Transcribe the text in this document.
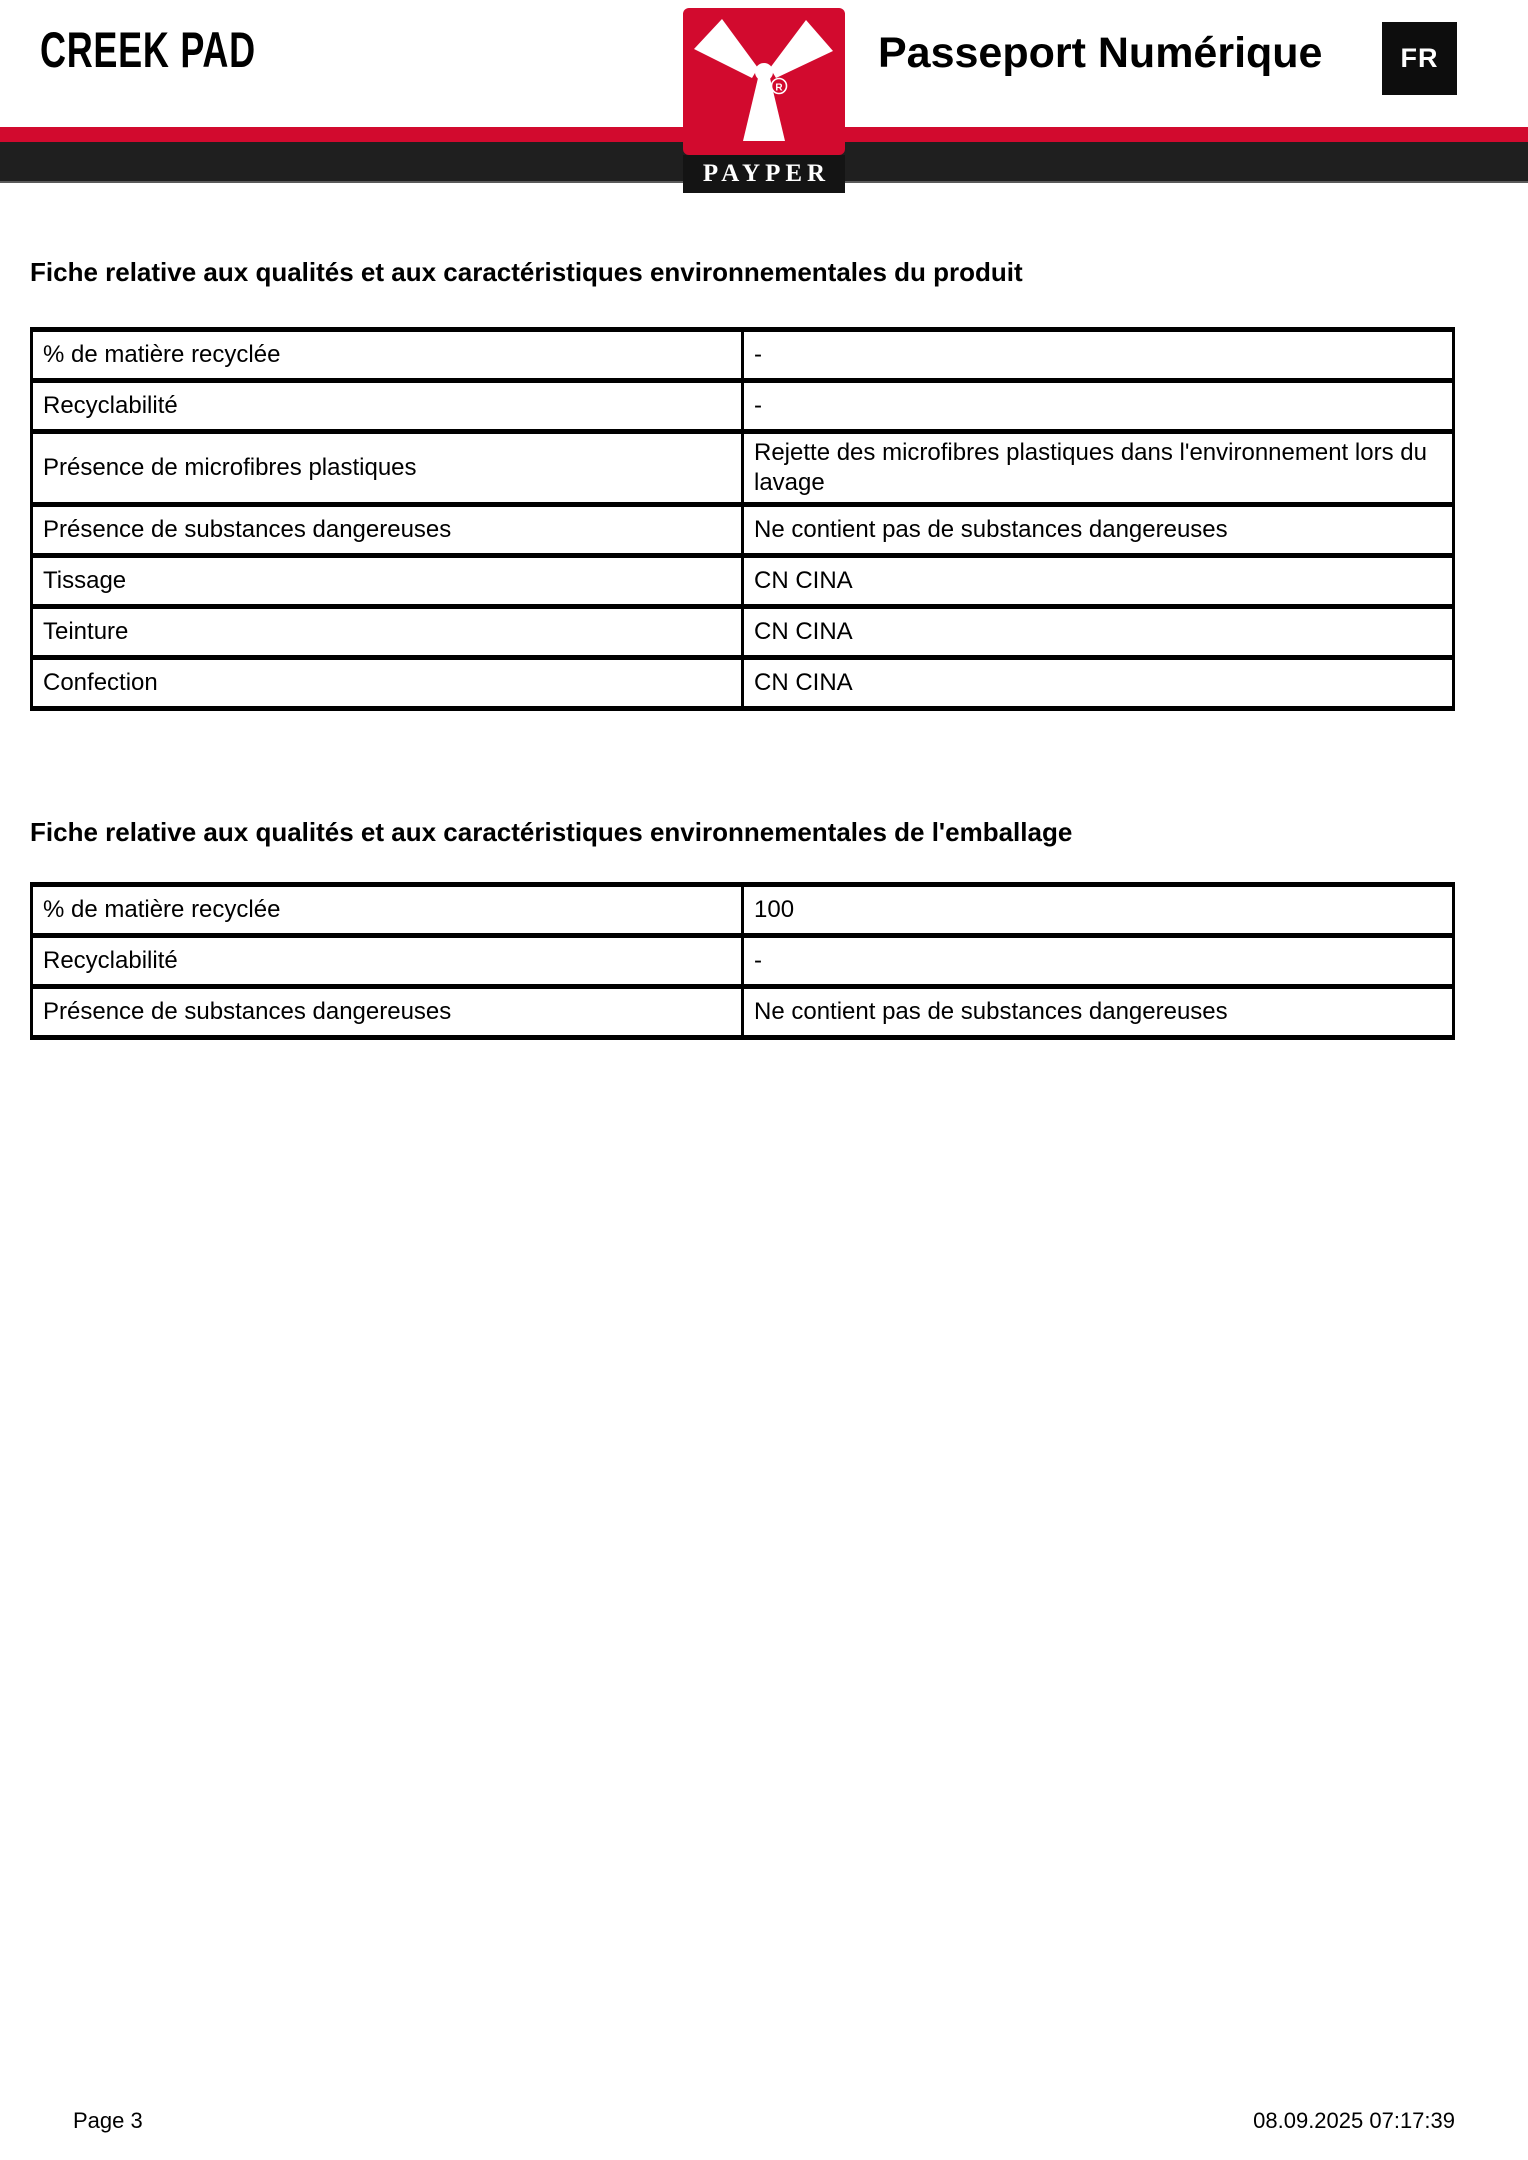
CREEK PAD	Passeport Numérique	FR
R
PAYPER
Fiche relative aux qualités et aux caractéristiques environnementales du produit
% de matière recyclée	-
Recyclabilité	-
Présence de microfibres plastiques	Rejette des microfibres plastiques dans l'environnement lors du lavage
Présence de substances dangereuses	Ne contient pas de substances dangereuses
Tissage	CN CINA
Teinture	CN CINA
Confection	CN CINA
Fiche relative aux qualités et aux caractéristiques environnementales de l'emballage
% de matière recyclée	100
Recyclabilité	-
Présence de substances dangereuses	Ne contient pas de substances dangereuses
Page 3	08.09.2025 07:17:39
